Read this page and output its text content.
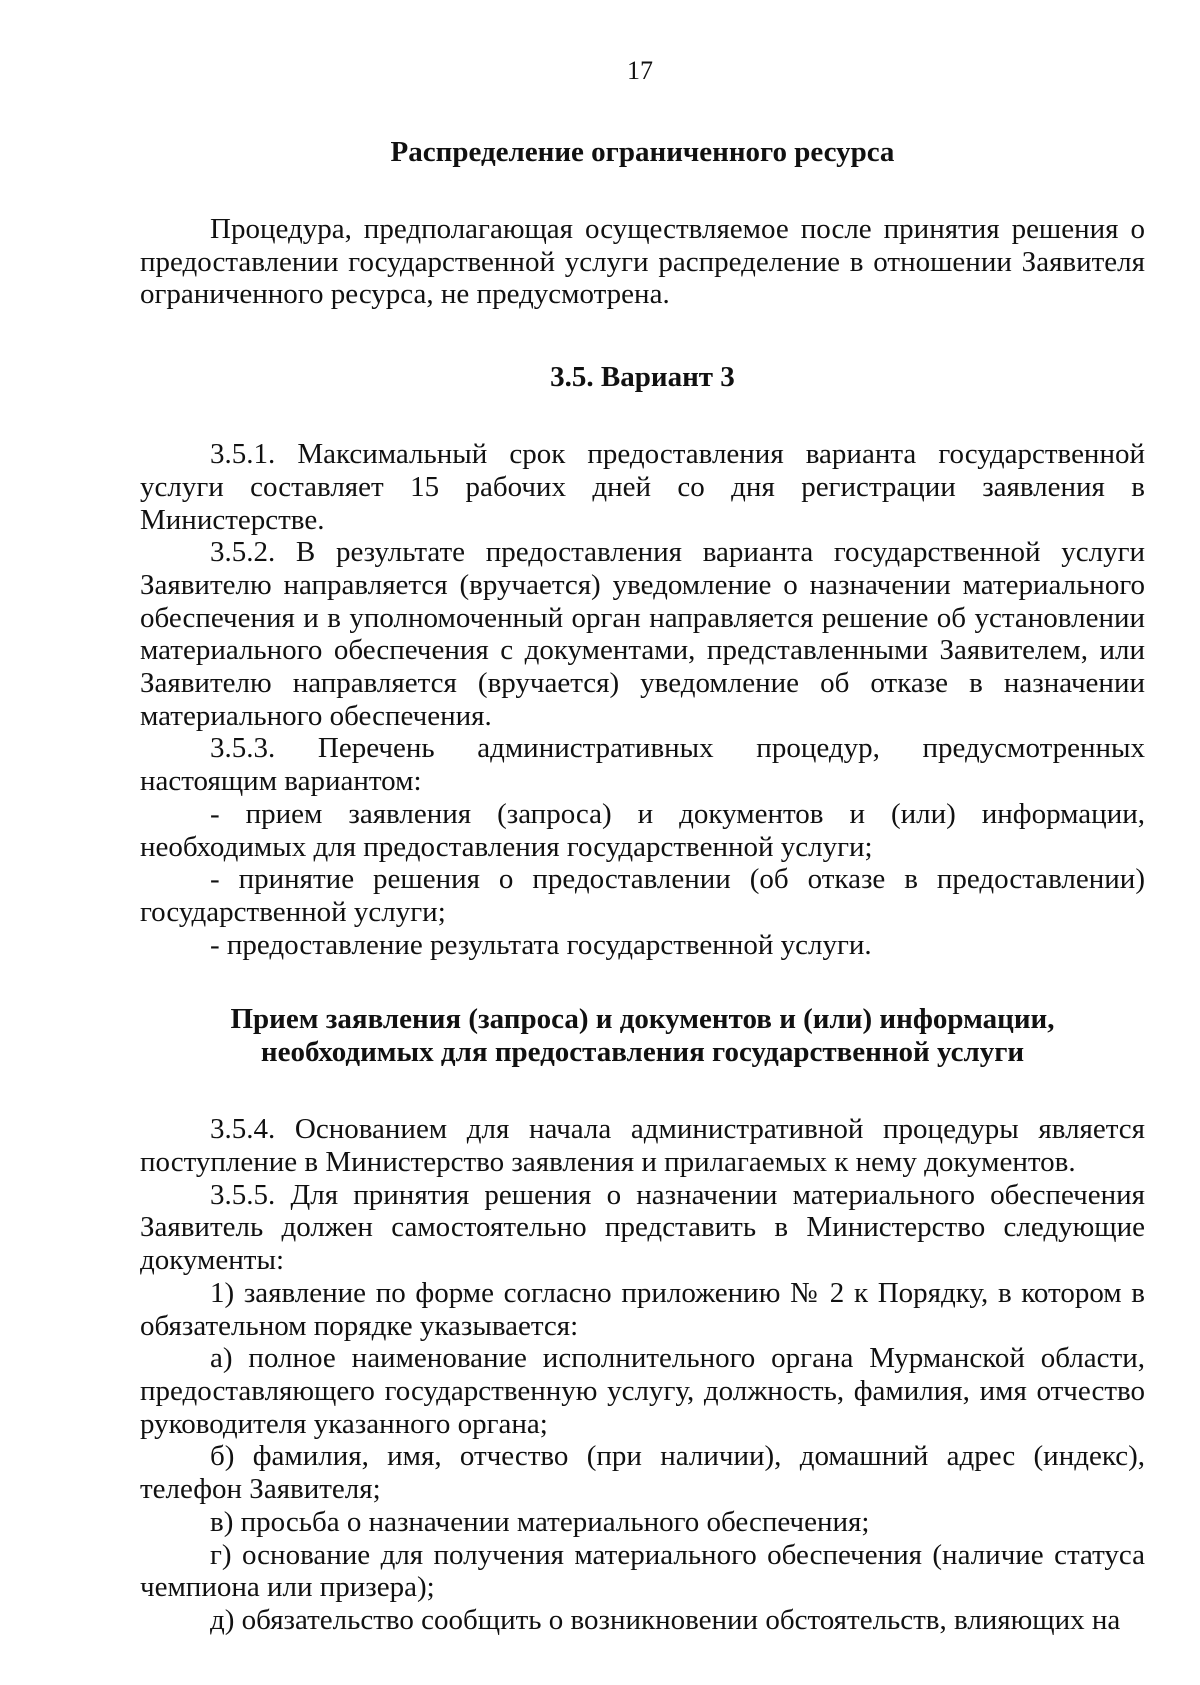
17
Распределение ограниченного ресурса

Процедура, предполагающая осуществляемое после принятия решения о предоставлении государственной услуги распределение в отношении Заявителя ограниченного ресурса, не предусмотрена.

3.5. Вариант 3

3.5.1. Максимальный срок предоставления варианта государственной услуги составляет 15 рабочих дней со дня регистрации заявления в Министерстве.

3.5.2. В результате предоставления варианта государственной услуги Заявителю направляется (вручается) уведомление о назначении материального обеспечения и в уполномоченный орган направляется решение об установлении материального обеспечения с документами, представленными Заявителем, или Заявителю направляется (вручается) уведомление об отказе в назначении материального обеспечения.

3.5.3. Перечень административных процедур, предусмотренных настоящим вариантом:

- прием заявления (запроса) и документов и (или) информации, необходимых для предоставления государственной услуги;

- принятие решения о предоставлении (об отказе в предоставлении) государственной услуги;

- предоставление результата государственной услуги.

Прием заявления (запроса) и документов и (или) информации,
необходимых для предоставления государственной услуги

3.5.4. Основанием для начала административной процедуры является поступление в Министерство заявления и прилагаемых к нему документов.

3.5.5. Для принятия решения о назначении материального обеспечения Заявитель должен самостоятельно представить в Министерство следующие документы:

1) заявление по форме согласно приложению № 2 к Порядку, в котором в обязательном порядке указывается:

а) полное наименование исполнительного органа Мурманской области, предоставляющего государственную услугу, должность, фамилия, имя отчество руководителя указанного органа;

б) фамилия, имя, отчество (при наличии), домашний адрес (индекс), телефон Заявителя;

в) просьба о назначении материального обеспечения;

г) основание для получения материального обеспечения (наличие статуса чемпиона или призера);

д) обязательство сообщить о возникновении обстоятельств, влияющих на
